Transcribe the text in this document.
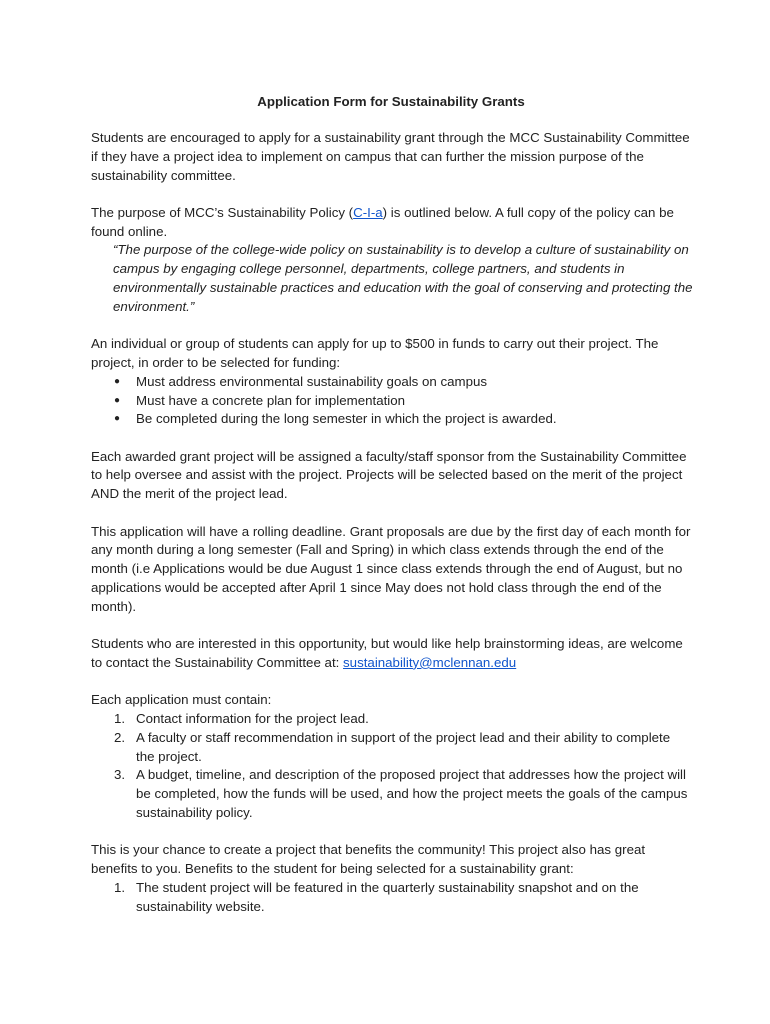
Application Form for Sustainability Grants

Students are encouraged to apply for a sustainability grant through the MCC Sustainability Committee if they have a project idea to implement on campus that can further the mission purpose of the sustainability committee.

The purpose of MCC’s Sustainability Policy (C-I-a) is outlined below. A full copy of the policy can be found online.

“The purpose of the college-wide policy on sustainability is to develop a culture of sustainability on campus by engaging college personnel, departments, college partners, and students in environmentally sustainable practices and education with the goal of conserving and protecting the environment.”

An individual or group of students can apply for up to $500 in funds to carry out their project. The project, in order to be selected for funding:

● Must address environmental sustainability goals on campus
● Must have a concrete plan for implementation
● Be completed during the long semester in which the project is awarded.

Each awarded grant project will be assigned a faculty/staff sponsor from the Sustainability Committee to help oversee and assist with the project. Projects will be selected based on the merit of the project AND the merit of the project lead.

This application will have a rolling deadline. Grant proposals are due by the first day of each month for any month during a long semester (Fall and Spring) in which class extends through the end of the month (i.e Applications would be due August 1 since class extends through the end of August, but no applications would be accepted after April 1 since May does not hold class through the end of the month).

Students who are interested in this opportunity, but would like help brainstorming ideas, are welcome to contact the Sustainability Committee at: sustainability@mclennan.edu

Each application must contain:

1. Contact information for the project lead.
2. A faculty or staff recommendation in support of the project lead and their ability to complete the project.
3. A budget, timeline, and description of the proposed project that addresses how the project will be completed, how the funds will be used, and how the project meets the goals of the campus sustainability policy.

This is your chance to create a project that benefits the community! This project also has great benefits to you. Benefits to the student for being selected for a sustainability grant:

1. The student project will be featured in the quarterly sustainability snapshot and on the sustainability website.
